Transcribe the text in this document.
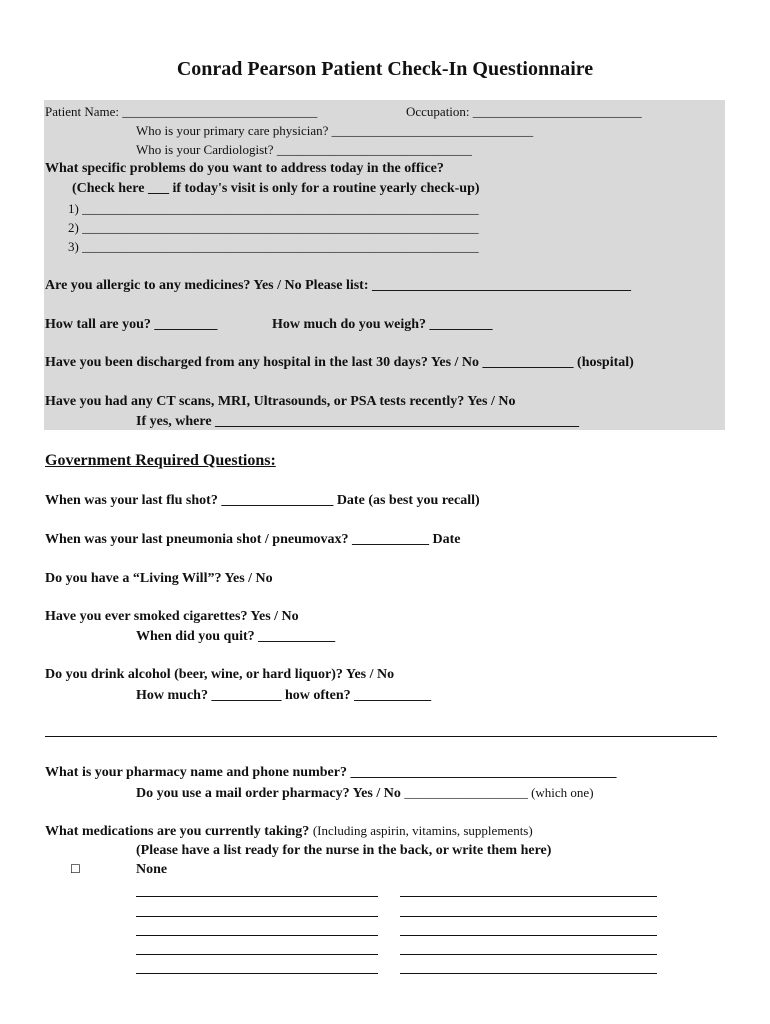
Conrad Pearson Patient Check-In Questionnaire
Patient Name: ______________________________	Occupation: __________________________
Who is your primary care physician? _______________________________
Who is your Cardiologist? ______________________________
What specific problems do you want to address today in the office?
(Check here ___ if today's visit is only for a routine yearly check-up)
1) _____________________________________________________________
2) _____________________________________________________________
3) _____________________________________________________________
Are you allergic to any medicines? Yes / No Please list: _____________________________________
How tall are you? _________	How much do you weigh? _________
Have you been discharged from any hospital in the last 30 days? Yes / No _____________ (hospital)
Have you had any CT scans, MRI, Ultrasounds, or PSA tests recently? Yes / No
If yes, where ____________________________________________________
Government Required Questions:
When was your last flu shot? ________________ Date (as best you recall)
When was your last pneumonia shot / pneumovax? ___________ Date
Do you have a “Living Will”? Yes / No
Have you ever smoked cigarettes? Yes / No
When did you quit? ___________
Do you drink alcohol (beer, wine, or hard liquor)? Yes / No
How much? __________ how often? ___________
What is your pharmacy name and phone number? ______________________________________
Do you use a mail order pharmacy? Yes / No ___________________ (which one)
What medications are you currently taking? (Including aspirin, vitamins, supplements)
(Please have a list ready for the nurse in the back, or write them here)
☐	None
